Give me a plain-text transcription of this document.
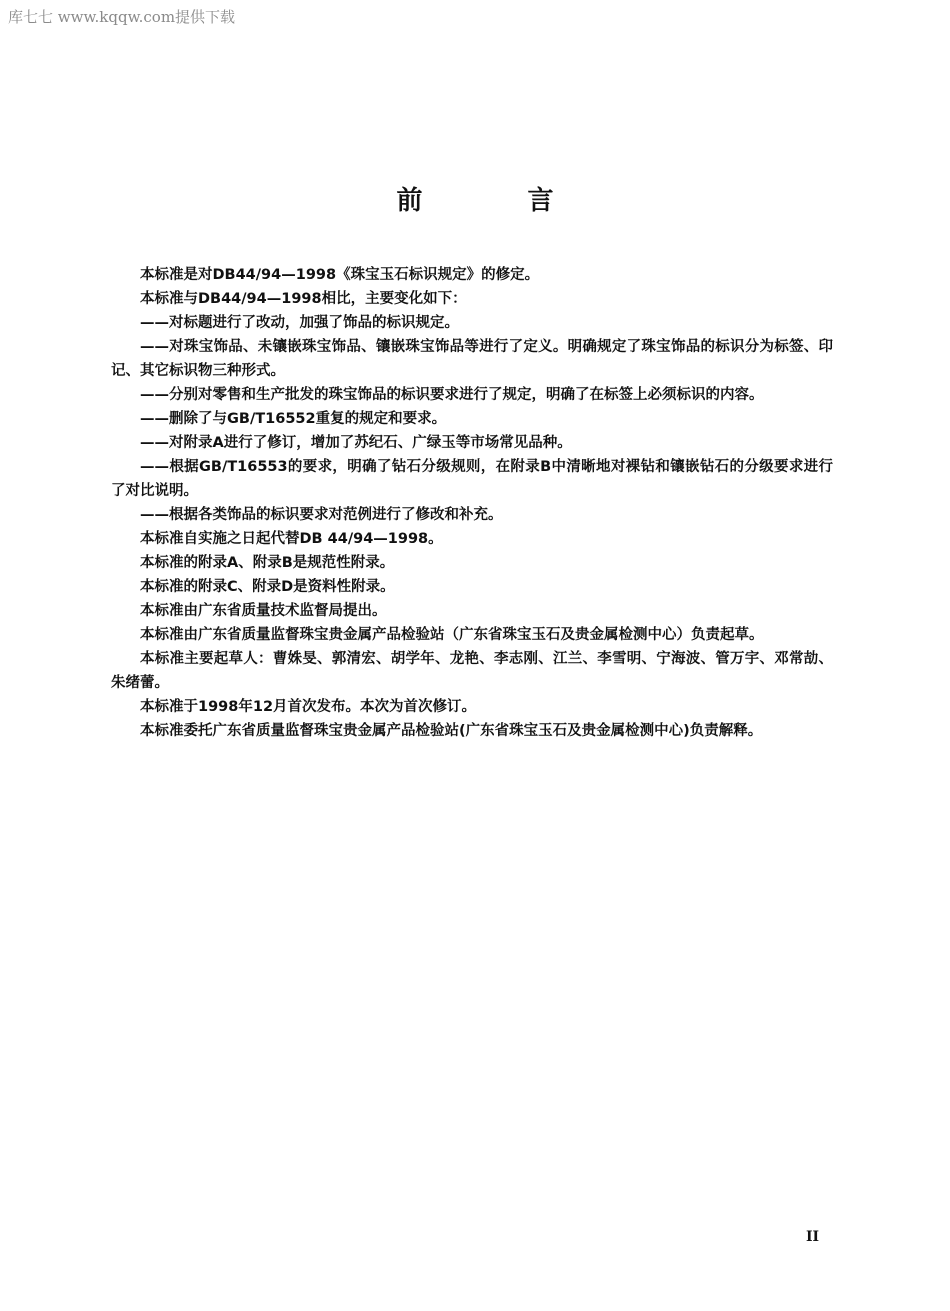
库七七 www.kqqw.com提供下载
前 言

本标准是对DB44/94—1998《珠宝玉石标识规定》的修定。

本标准与DB44/94—1998相比，主要变化如下：

——对标题进行了改动，加强了饰品的标识规定。

——对珠宝饰品、未镶嵌珠宝饰品、镶嵌珠宝饰品等进行了定义。明确规定了珠宝饰品的标识分为标签、印记、其它标识物三种形式。

——分别对零售和生产批发的珠宝饰品的标识要求进行了规定，明确了在标签上必须标识的内容。

——删除了与GB/T16552重复的规定和要求。

——对附录A进行了修订，增加了苏纪石、广绿玉等市场常见品种。

——根据GB/T16553的要求，明确了钻石分级规则，在附录B中清晰地对裸钻和镶嵌钻石的分级要求进行了对比说明。

——根据各类饰品的标识要求对范例进行了修改和补充。

本标准自实施之日起代替DB 44/94—1998。

本标准的附录A、附录B是规范性附录。

本标准的附录C、附录D是资料性附录。

本标准由广东省质量技术监督局提出。

本标准由广东省质量监督珠宝贵金属产品检验站（广东省珠宝玉石及贵金属检测中心）负责起草。

本标准主要起草人：曹姝旻、郭清宏、胡学年、龙艳、李志刚、江兰、李雪明、宁海波、管万宇、邓常劼、朱绪蕾。

本标准于1998年12月首次发布。本次为首次修订。

本标准委托广东省质量监督珠宝贵金属产品检验站(广东省珠宝玉石及贵金属检测中心)负责解释。

II
